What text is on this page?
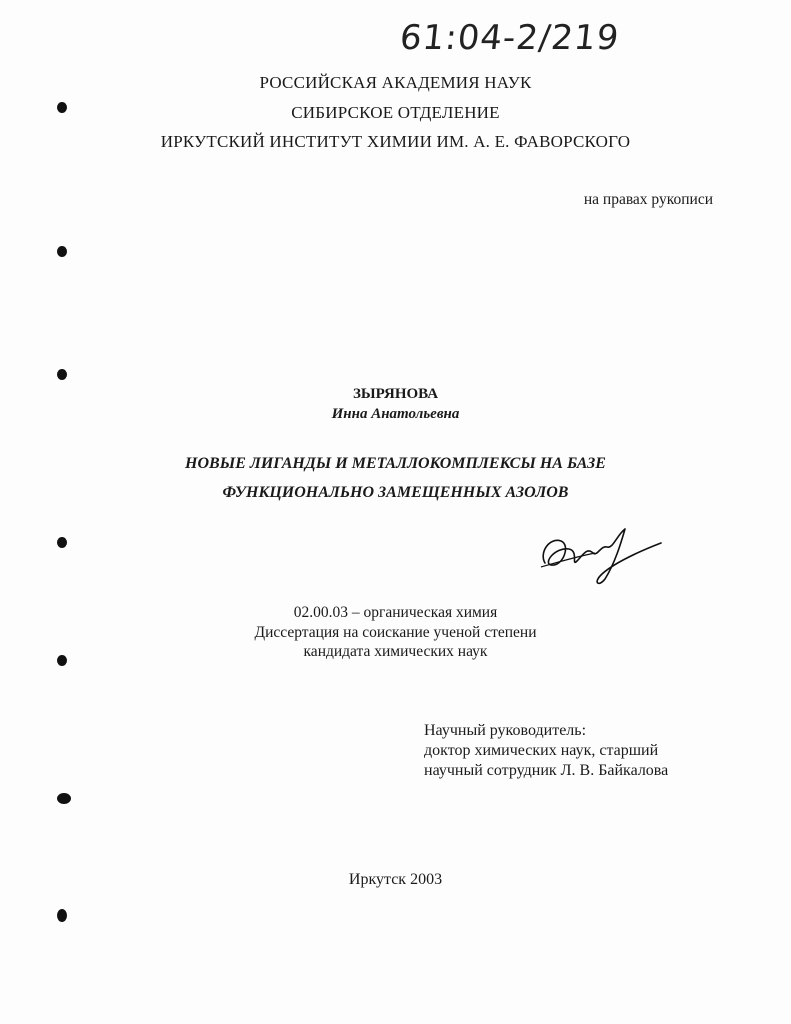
61:04-2/219
РОССИЙСКАЯ АКАДЕМИЯ НАУК
СИБИРСКОЕ ОТДЕЛЕНИЕ
ИРКУТСКИЙ ИНСТИТУТ ХИМИИ ИМ. А. Е. ФАВОРСКОГО
на правах рукописи
ЗЫРЯНОВА
Инна Анатольевна
НОВЫЕ ЛИГАНДЫ И МЕТАЛЛОКОМПЛЕКСЫ НА БАЗЕ
ФУНКЦИОНАЛЬНО ЗАМЕЩЕННЫХ АЗОЛОВ
02.00.03 – органическая химия
Диссертация на соискание ученой степени
кандидата химических наук
Научный руководитель:
доктор химических наук, старший
научный сотрудник Л. В. Байкалова
Иркутск 2003
